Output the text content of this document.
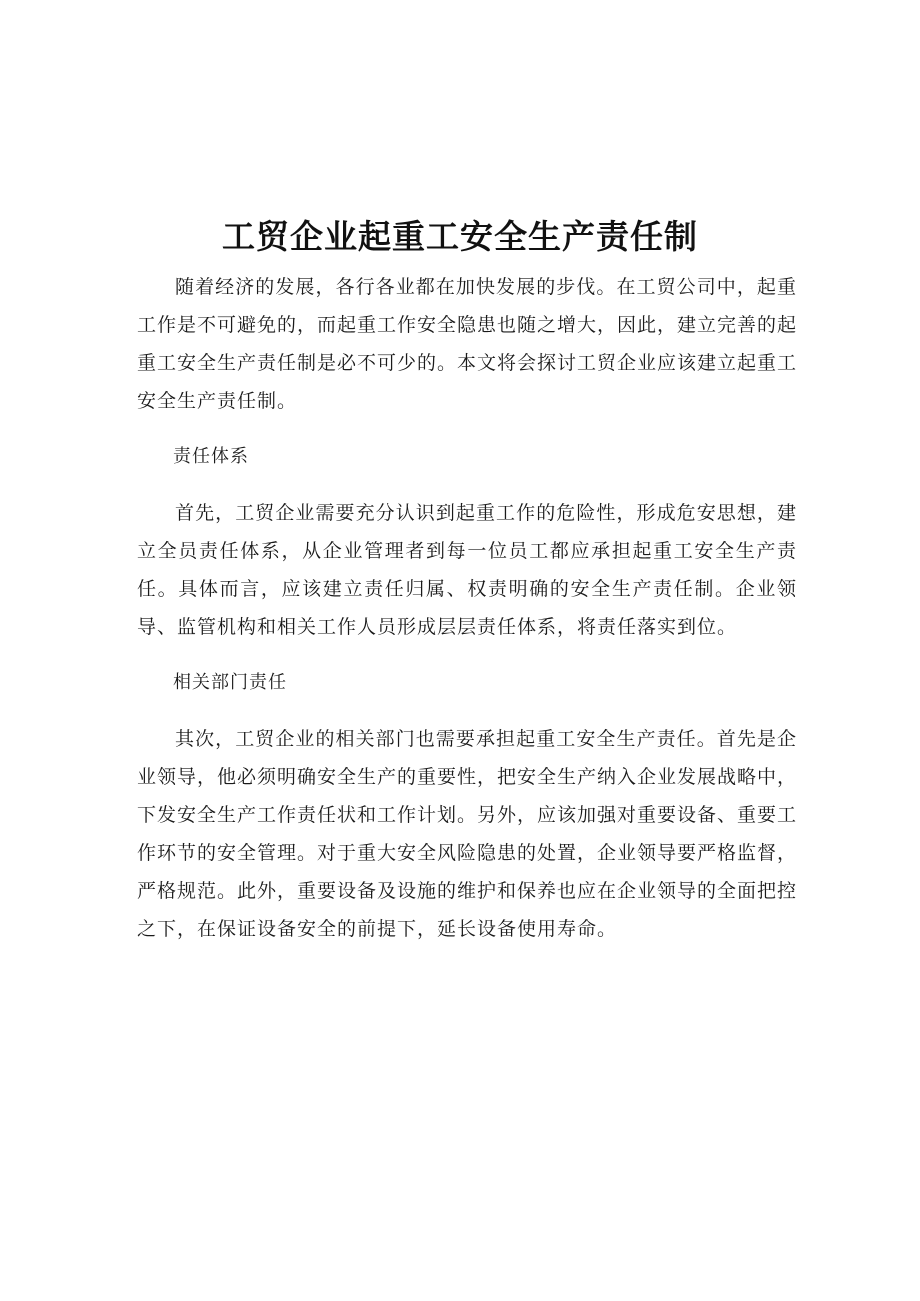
工贸企业起重工安全生产责任制

随着经济的发展，各行各业都在加快发展的步伐。在工贸公司中，起重工作是不可避免的，而起重工作安全隐患也随之增大，因此，建立完善的起重工安全生产责任制是必不可少的。本文将会探讨工贸企业应该建立起重工安全生产责任制。

责任体系

首先，工贸企业需要充分认识到起重工作的危险性，形成危安思想，建立全员责任体系，从企业管理者到每一位员工都应承担起重工安全生产责任。具体而言，应该建立责任归属、权责明确的安全生产责任制。企业领导、监管机构和相关工作人员形成层层责任体系，将责任落实到位。

相关部门责任

其次，工贸企业的相关部门也需要承担起重工安全生产责任。首先是企业领导，他必须明确安全生产的重要性，把安全生产纳入企业发展战略中，下发安全生产工作责任状和工作计划。另外，应该加强对重要设备、重要工作环节的安全管理。对于重大安全风险隐患的处置，企业领导要严格监督，严格规范。此外，重要设备及设施的维护和保养也应在企业领导的全面把控之下，在保证设备安全的前提下，延长设备使用寿命。
